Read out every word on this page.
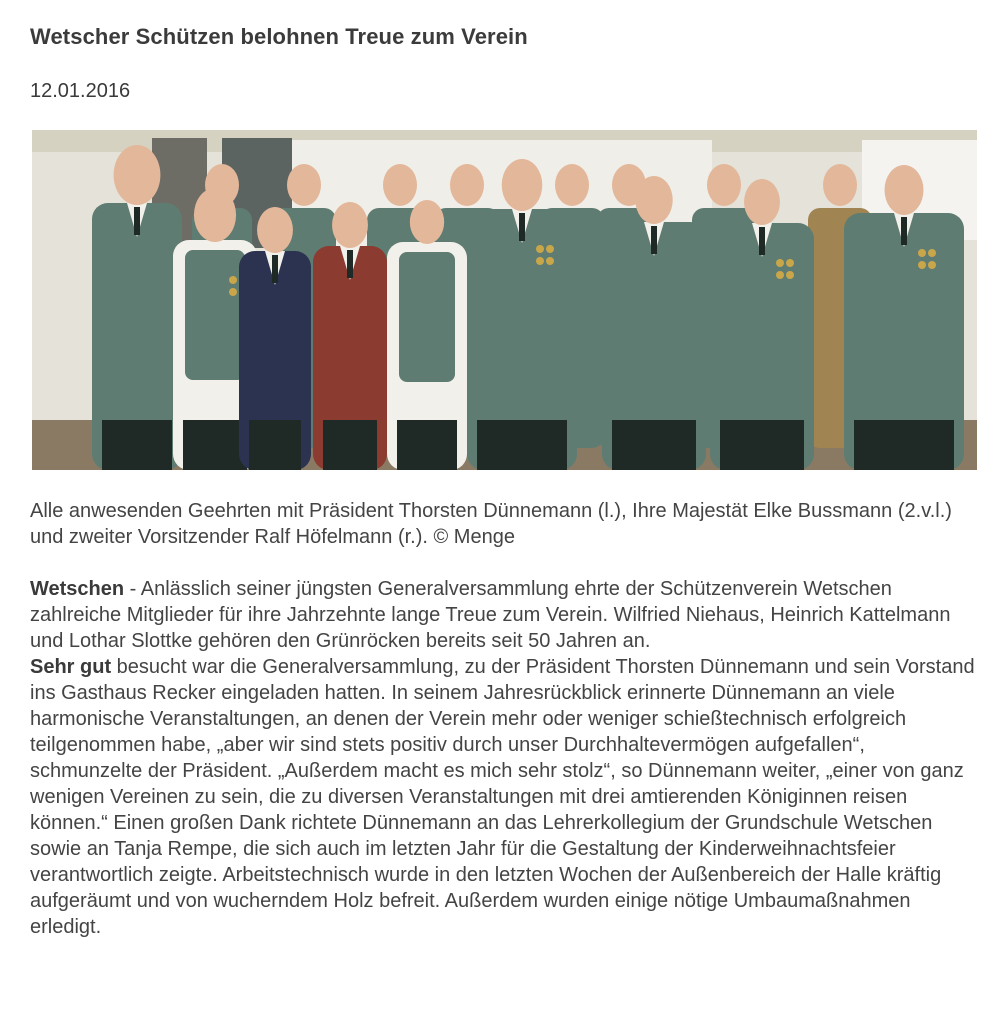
Wetscher Schützen belohnen Treue zum Verein
12.01.2016

Alle anwesenden Geehrten mit Präsident Thorsten Dünnemann (l.), Ihre Majestät Elke Bussmann (2.v.l.) und zweiter Vorsitzender Ralf Höfelmann (r.). © Menge

Wetschen - Anlässlich seiner jüngsten Generalversammlung ehrte der Schützenverein Wetschen zahlreiche Mitglieder für ihre Jahrzehnte lange Treue zum Verein. Wilfried Niehaus, Heinrich Kattelmann und Lothar Slottke gehören den Grünröcken bereits seit 50 Jahren an.

Sehr gut besucht war die Generalversammlung, zu der Präsident Thorsten Dünnemann und sein Vorstand ins Gasthaus Recker eingeladen hatten. In seinem Jahresrückblick erinnerte Dünnemann an viele harmonische Veranstaltungen, an denen der Verein mehr oder weniger schießtechnisch erfolgreich teilgenommen habe, „aber wir sind stets positiv durch unser Durchhaltevermögen aufgefallen“, schmunzelte der Präsident. „Außerdem macht es mich sehr stolz“, so Dünnemann weiter, „einer von ganz wenigen Vereinen zu sein, die zu diversen Veranstaltungen mit drei amtierenden Königinnen reisen können.“ Einen großen Dank richtete Dünnemann an das Lehrerkollegium der Grundschule Wetschen sowie an Tanja Rempe, die sich auch im letzten Jahr für die Gestaltung der Kinderweihnachtsfeier verantwortlich zeigte. Arbeitstechnisch wurde in den letzten Wochen der Außenbereich der Halle kräftig aufgeräumt und von wucherndem Holz befreit. Außerdem wurden einige nötige Umbaumaßnahmen erledigt.
